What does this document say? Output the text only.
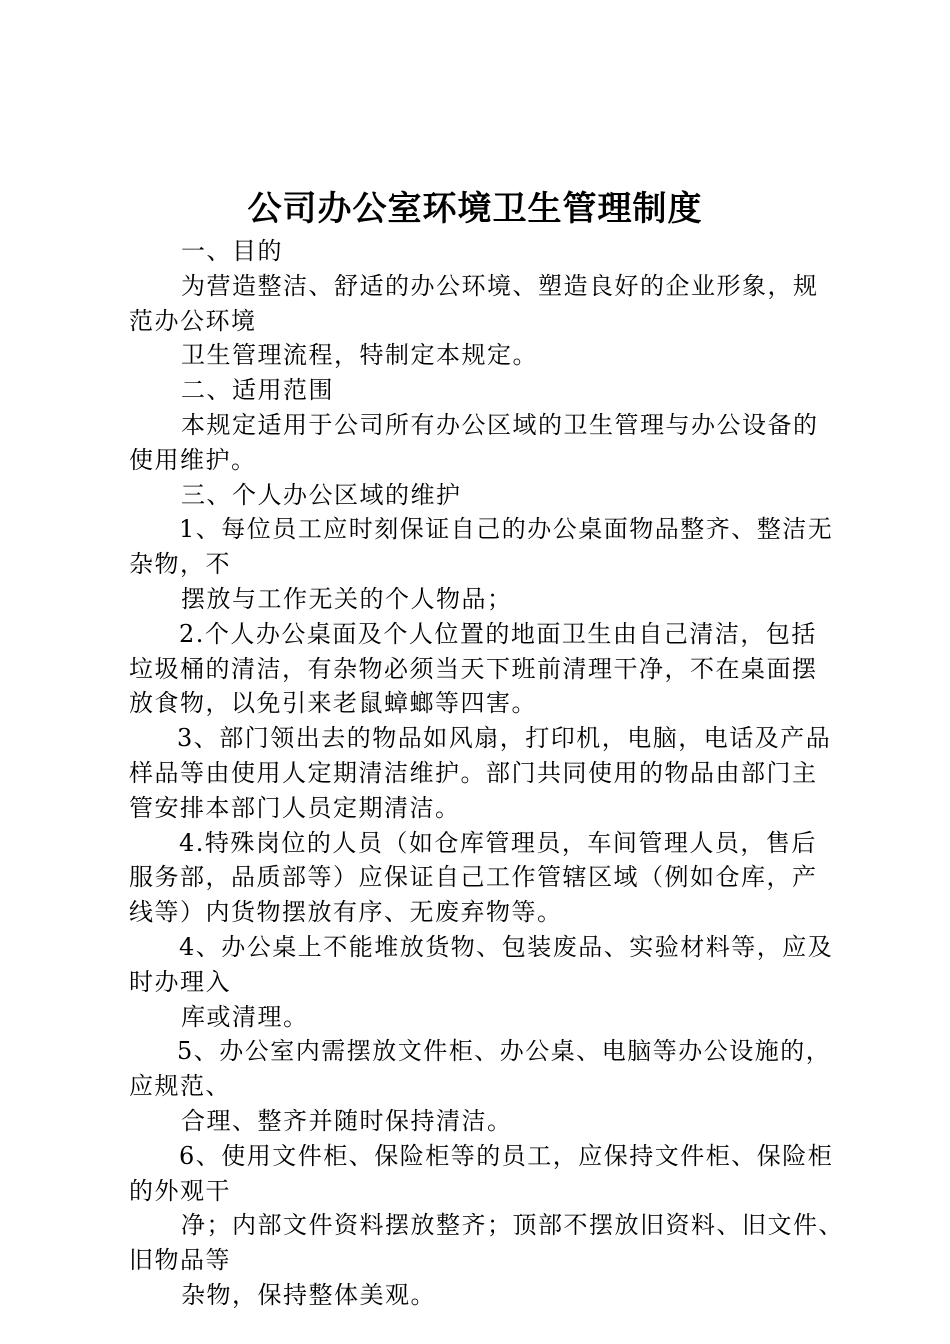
公司办公室环境卫生管理制度
一、目的
为营造整洁、舒适的办公环境、塑造良好的企业形象，规
范办公环境
卫生管理流程，特制定本规定。
二、适用范围
本规定适用于公司所有办公区域的卫生管理与办公设备的
使用维护。
三、个人办公区域的维护
1、每位员工应时刻保证自己的办公桌面物品整齐、整洁无
杂物，不
摆放与工作无关的个人物品；
2.个人办公桌面及个人位置的地面卫生由自己清洁，包括
垃圾桶的清洁，有杂物必须当天下班前清理干净，不在桌面摆
放食物，以免引来老鼠蟑螂等四害。
3、部门领出去的物品如风扇，打印机，电脑，电话及产品
样品等由使用人定期清洁维护。部门共同使用的物品由部门主
管安排本部门人员定期清洁。
4.特殊岗位的人员（如仓库管理员，车间管理人员，售后
服务部，品质部等）应保证自己工作管辖区域（例如仓库，产
线等）内货物摆放有序、无废弃物等。
4、办公桌上不能堆放货物、包装废品、实验材料等，应及
时办理入
库或清理。
5、办公室内需摆放文件柜、办公桌、电脑等办公设施的，
应规范、
合理、整齐并随时保持清洁。
6、使用文件柜、保险柜等的员工，应保持文件柜、保险柜
的外观干
净；内部文件资料摆放整齐；顶部不摆放旧资料、旧文件、
旧物品等
杂物，保持整体美观。
